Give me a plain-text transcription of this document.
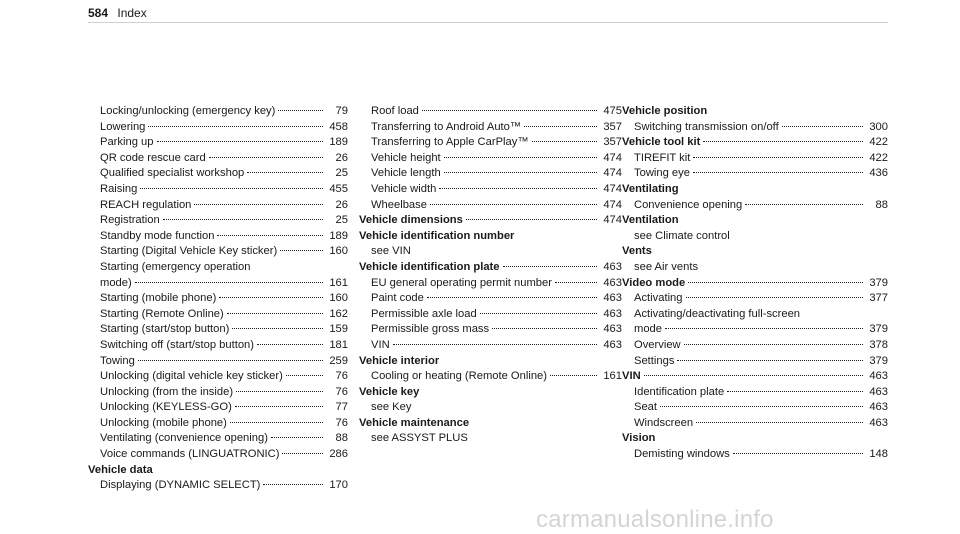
584 Index
Locking/unlocking (emergency key)	79
Lowering	458
Parking up	189
QR code rescue card	26
Qualified specialist workshop	25
Raising	455
REACH regulation	26
Registration	25
Standby mode function	189
Starting (Digital Vehicle Key sticker)	160
Starting (emergency operation
mode)	161
Starting (mobile phone)	160
Starting (Remote Online)	162
Starting (start/stop button)	159
Switching off (start/stop button)	181
Towing	259
Unlocking (digital vehicle key sticker)	76
Unlocking (from the inside)	76
Unlocking (KEYLESS-GO)	77
Unlocking (mobile phone)	76
Ventilating (convenience opening)	88
Voice commands (LINGUATRONIC)	286
Vehicle data
Displaying (DYNAMIC SELECT)	170
Roof load	475
Transferring to Android Auto™	357
Transferring to Apple CarPlay™	357
Vehicle height	474
Vehicle length	474
Vehicle width	474
Wheelbase	474
Vehicle dimensions	474
Vehicle identification number
see VIN
Vehicle identification plate	463
EU general operating permit number	463
Paint code	463
Permissible axle load	463
Permissible gross mass	463
VIN	463
Vehicle interior
Cooling or heating (Remote Online)	161
Vehicle key
see Key
Vehicle maintenance
see ASSYST PLUS
Vehicle position
Switching transmission on/off	300
Vehicle tool kit	422
TIREFIT kit	422
Towing eye	436
Ventilating
Convenience opening	88
Ventilation
see Climate control
Vents
see Air vents
Video mode	379
Activating	377
Activating/deactivating full-screen
mode	379
Overview	378
Settings	379
VIN	463
Identification plate	463
Seat	463
Windscreen	463
Vision
Demisting windows	148
carmanualsonline.info
